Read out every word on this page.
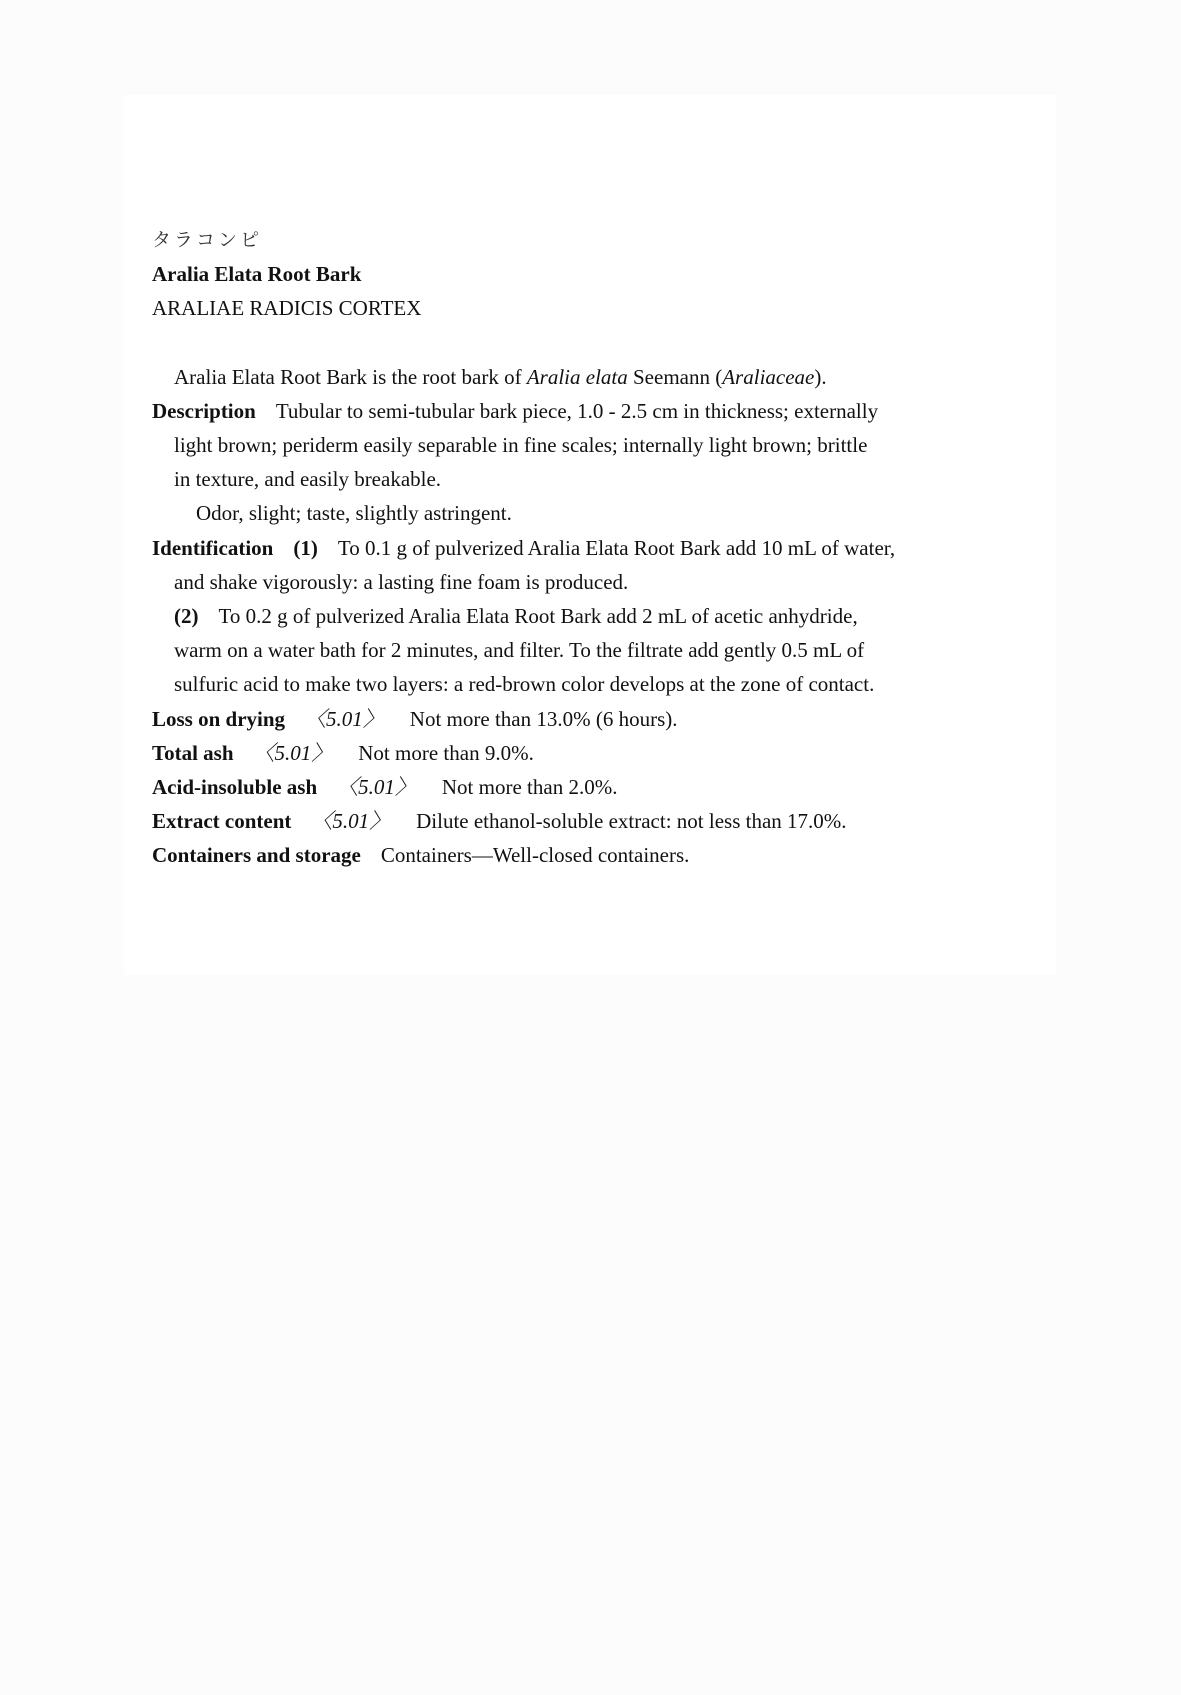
タラコンピ

Aralia Elata Root Bark

ARALIAE RADICIS CORTEX

Aralia Elata Root Bark is the root bark of Aralia elata Seemann (Araliaceae).

Description Tubular to semi-tubular bark piece, 1.0 - 2.5 cm in thickness; externally

light brown; periderm easily separable in fine scales; internally light brown; brittle

in texture, and easily breakable.

Odor, slight; taste, slightly astringent.

Identification (1) To 0.1 g of pulverized Aralia Elata Root Bark add 10 mL of water,

and shake vigorously: a lasting fine foam is produced.

(2) To 0.2 g of pulverized Aralia Elata Root Bark add 2 mL of acetic anhydride,

warm on a water bath for 2 minutes, and filter. To the filtrate add gently 0.5 mL of

sulfuric acid to make two layers: a red-brown color develops at the zone of contact.

Loss on drying 〈5.01〉 Not more than 13.0% (6 hours).

Total ash 〈5.01〉 Not more than 9.0%.

Acid-insoluble ash 〈5.01〉 Not more than 2.0%.

Extract content 〈5.01〉 Dilute ethanol-soluble extract: not less than 17.0%.

Containers and storage Containers—Well-closed containers.
